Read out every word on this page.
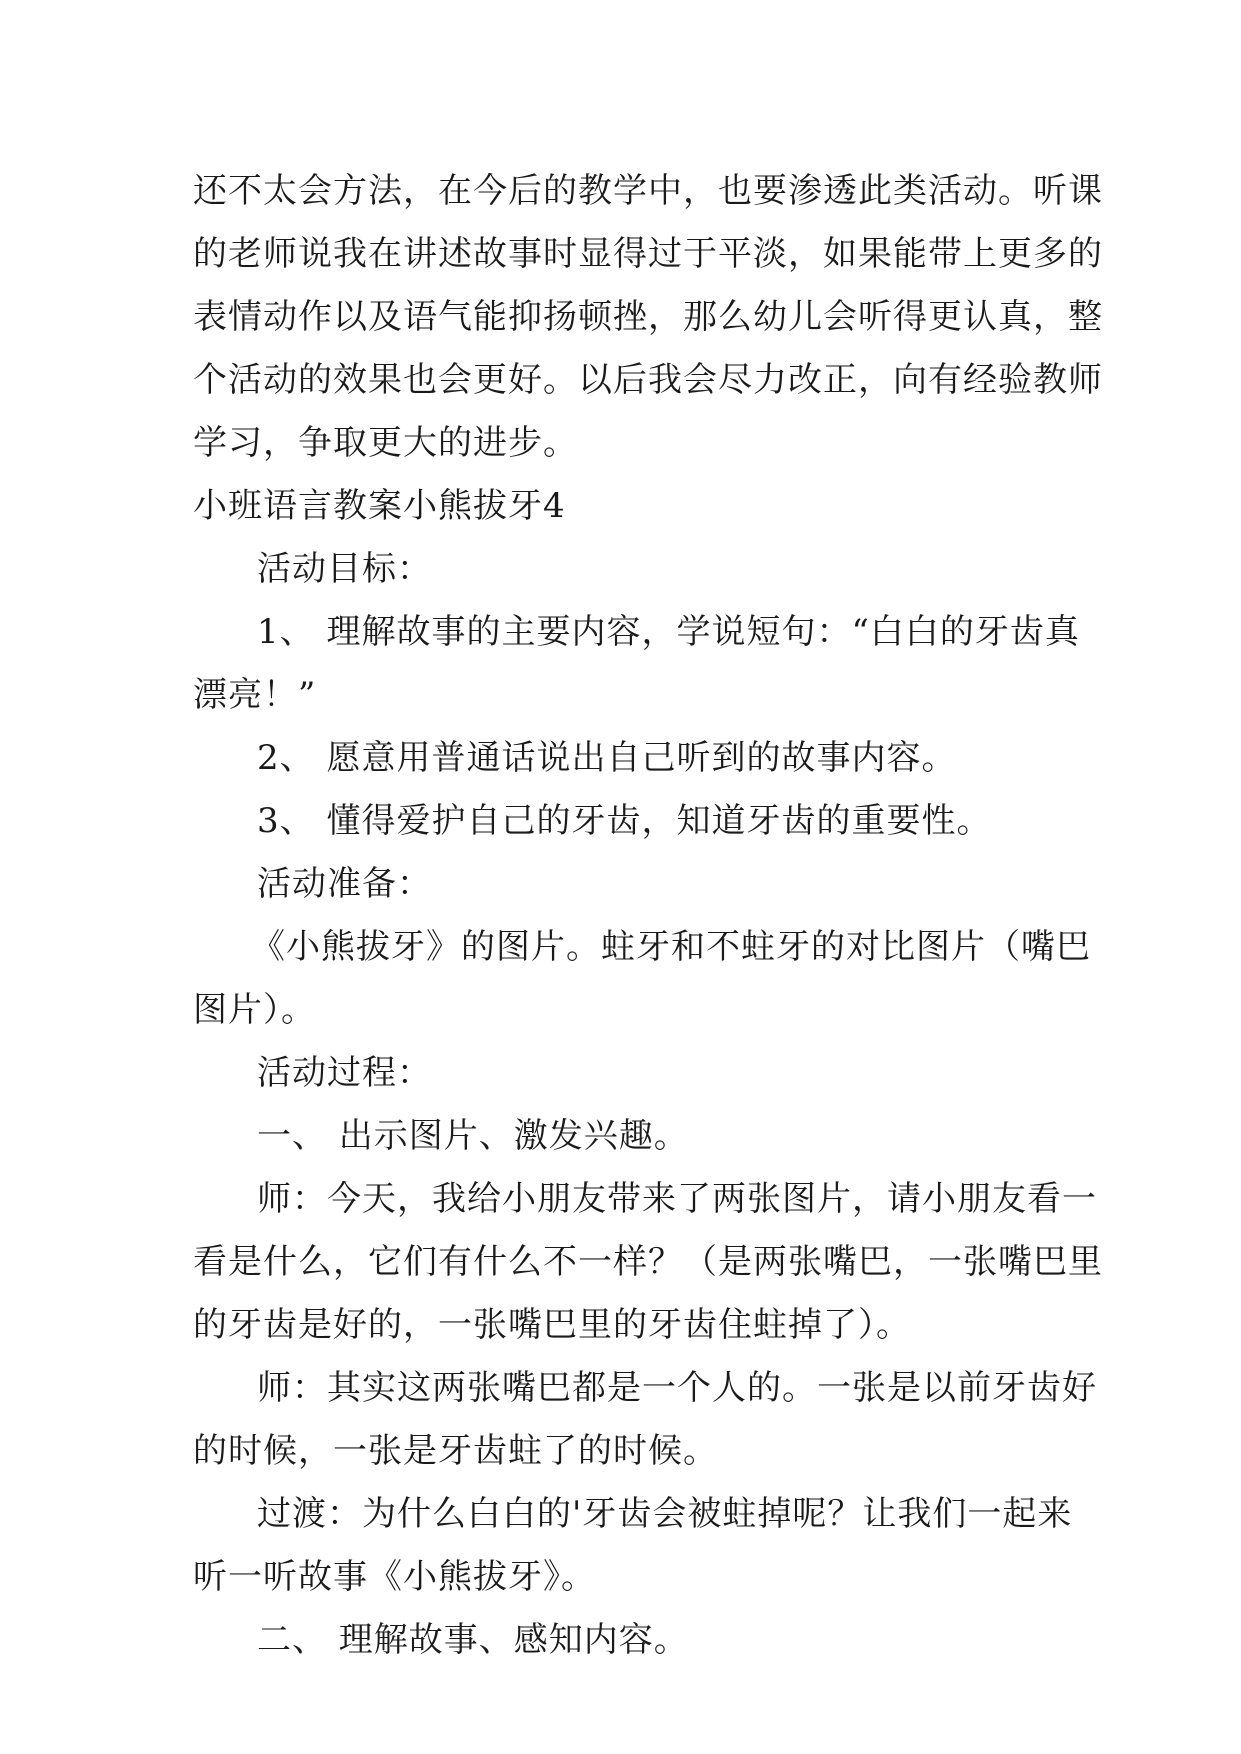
还不太会方法，在今后的教学中，也要渗透此类活动。听课
的老师说我在讲述故事时显得过于平淡，如果能带上更多的
表情动作以及语气能抑扬顿挫，那么幼儿会听得更认真，整
个活动的效果也会更好。以后我会尽力改正，向有经验教师
学习，争取更大的进步。
小班语言教案小熊拔牙4
活动目标：
1、 理解故事的主要内容，学说短句：“白白的牙齿真
漂亮！”
2、 愿意用普通话说出自己听到的故事内容。
3、 懂得爱护自己的牙齿，知道牙齿的重要性。
活动准备：
《小熊拔牙》的图片。蛀牙和不蛀牙的对比图片（嘴巴
图片）。
活动过程：
一、 出示图片、激发兴趣。
师：今天，我给小朋友带来了两张图片，请小朋友看一
看是什么，它们有什么不一样？（是两张嘴巴，一张嘴巴里
的牙齿是好的，一张嘴巴里的牙齿住蛀掉了）。
师：其实这两张嘴巴都是一个人的。一张是以前牙齿好
的时候，一张是牙齿蛀了的时候。
过渡：为什么白白的'牙齿会被蛀掉呢？让我们一起来
听一听故事《小熊拔牙》。
二、 理解故事、感知内容。
